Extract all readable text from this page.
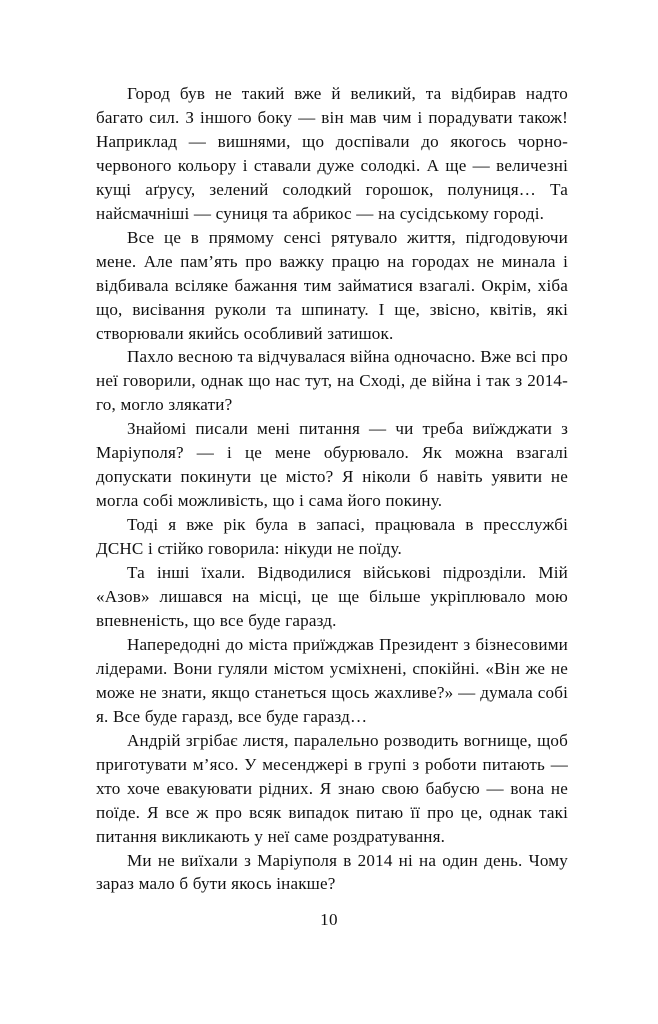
Город був не такий вже й великий, та відбирав надто багато сил. З іншого боку — він мав чим і порадувати також! Наприклад — вишнями, що доспівали до якогось чорно-червоного кольору і ставали дуже солодкі. А ще — величезні кущі аґрусу, зелений солодкий горошок, полуниця… Та найсмачніші — суниця та абрикос — на сусідському городі.

Все це в прямому сенсі рятувало життя, підгодовуючи мене. Але пам’ять про важку працю на городах не минала і відбивала всіляке бажання тим займатися взагалі. Окрім, хіба що, висівання руколи та шпинату. І ще, звісно, квітів, які створювали якийсь особливий затишок.

Пахло весною та відчувалася війна одночасно. Вже всі про неї говорили, однак що нас тут, на Сході, де війна і так з 2014-го, могло злякати?

Знайомі писали мені питання — чи треба виїжджати з Маріуполя? — і це мене обурювало. Як можна взагалі допускати покинути це місто? Я ніколи б навіть уявити не могла собі можливість, що і сама його покину.

Тоді я вже рік була в запасі, працювала в пресслужбі ДСНС і стійко говорила: нікуди не поїду.

Та інші їхали. Відводилися військові підрозділи. Мій «Азов» лишався на місці, це ще більше укріплювало мою впевненість, що все буде гаразд.

Напередодні до міста приїжджав Президент з бізнесовими лідерами. Вони гуляли містом усміхнені, спокійні. «Він же не може не знати, якщо станеться щось жахливе?» — думала собі я. Все буде гаразд, все буде гаразд…

Андрій згрібає листя, паралельно розводить вогнище, щоб приготувати м’ясо. У месенджері в групі з роботи питають — хто хоче евакуювати рідних. Я знаю свою бабусю — вона не поїде. Я все ж про всяк випадок питаю її про це, однак такі питання викликають у неї саме роздратування.

Ми не виїхали з Маріуполя в 2014 ні на один день. Чому зараз мало б бути якось інакше?

10
